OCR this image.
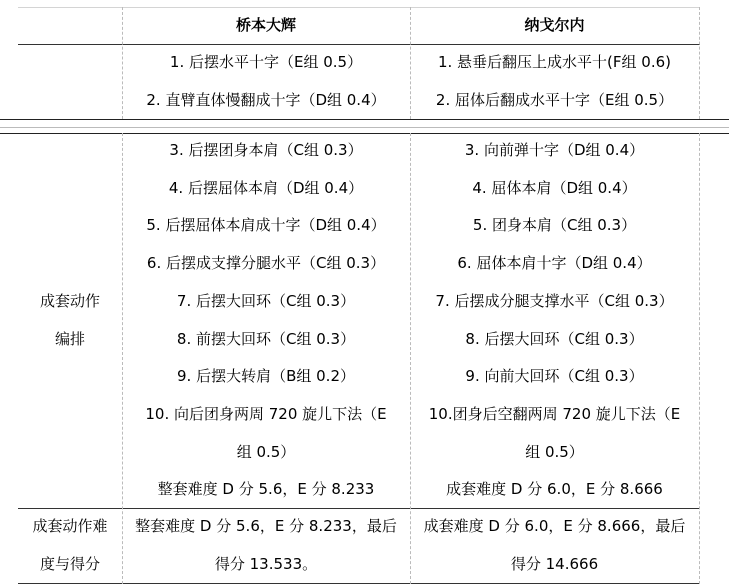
桥本大辉	纳戈尔内
1. 后摆水平十字（E组 0.5）
2. 直臂直体慢翻成十字（D组 0.4）
1. 悬垂后翻压上成水平十(F组 0.6)
2. 屈体后翻成水平十字（E组 0.5）
成套动作
编排
3. 后摆团身本肩（C组 0.3）
4. 后摆屈体本肩（D组 0.4）
5. 后摆屈体本肩成十字（D组 0.4）
6. 后摆成支撑分腿水平（C组 0.3）
7. 后摆大回环（C组 0.3）
8. 前摆大回环（C组 0.3）
9. 后摆大转肩（B组 0.2）
10. 向后团身两周 720 旋儿下法（E
组 0.5）
整套难度 D 分 5.6，E 分 8.233
3. 向前弹十字（D组 0.4）
4. 屈体本肩（D组 0.4）
5. 团身本肩（C组 0.3）
6. 屈体本肩十字（D组 0.4）
7. 后摆成分腿支撑水平（C组 0.3）
8. 后摆大回环（C组 0.3）
9. 向前大回环（C组 0.3）
10.团身后空翻两周 720 旋儿下法（E
组 0.5）
成套难度 D 分 6.0，E 分 8.666
成套动作难
度与得分
整套难度 D 分 5.6，E 分 8.233，最后
得分 13.533。
成套难度 D 分 6.0，E 分 8.666，最后
得分 14.666
